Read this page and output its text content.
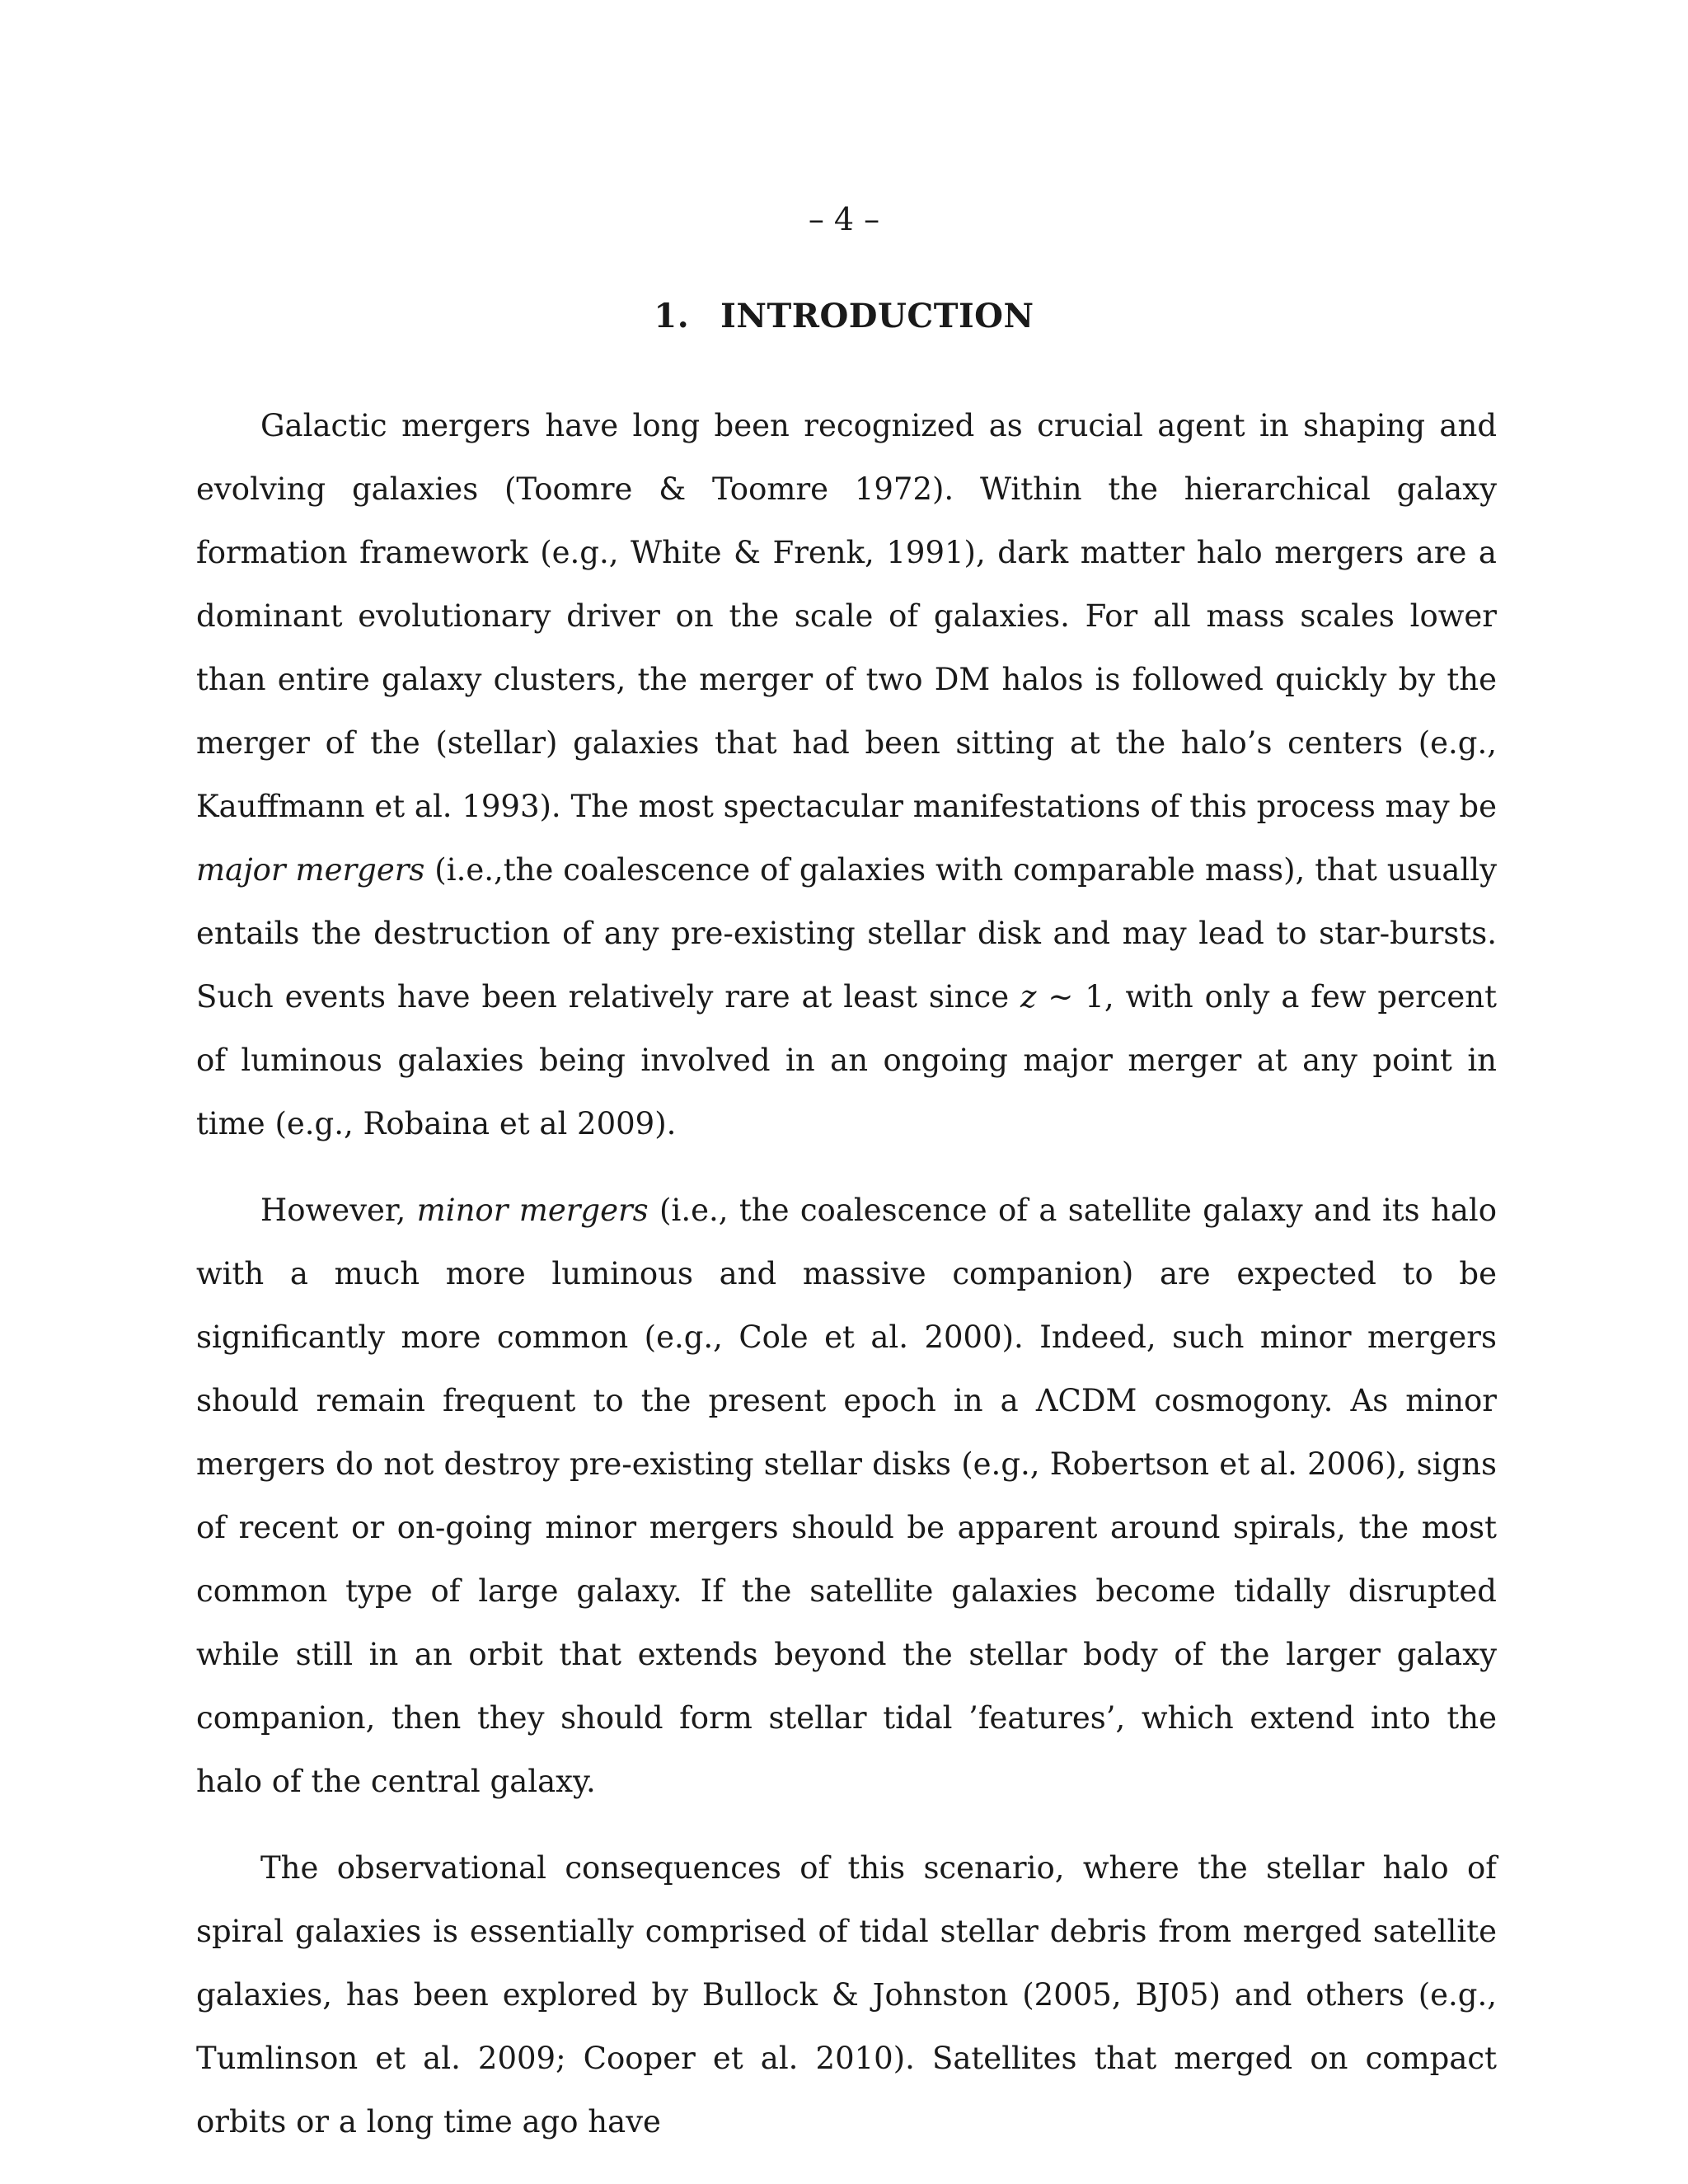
– 4 –
1. INTRODUCTION

Galactic mergers have long been recognized as crucial agent in shaping and evolving galaxies (Toomre & Toomre 1972). Within the hierarchical galaxy formation framework (e.g., White & Frenk, 1991), dark matter halo mergers are a dominant evolutionary driver on the scale of galaxies. For all mass scales lower than entire galaxy clusters, the merger of two DM halos is followed quickly by the merger of the (stellar) galaxies that had been sitting at the halo’s centers (e.g., Kauffmann et al. 1993). The most spectacular manifestations of this process may be major mergers (i.e.,the coalescence of galaxies with comparable mass), that usually entails the destruction of any pre-existing stellar disk and may lead to star-bursts. Such events have been relatively rare at least since z ∼ 1, with only a few percent of luminous galaxies being involved in an ongoing major merger at any point in time (e.g., Robaina et al 2009).

However, minor mergers (i.e., the coalescence of a satellite galaxy and its halo with a much more luminous and massive companion) are expected to be significantly more common (e.g., Cole et al. 2000). Indeed, such minor mergers should remain frequent to the present epoch in a ΛCDM cosmogony. As minor mergers do not destroy pre-existing stellar disks (e.g., Robertson et al. 2006), signs of recent or on-going minor mergers should be apparent around spirals, the most common type of large galaxy. If the satellite galaxies become tidally disrupted while still in an orbit that extends beyond the stellar body of the larger galaxy companion, then they should form stellar tidal ’features’, which extend into the halo of the central galaxy.

The observational consequences of this scenario, where the stellar halo of spiral galaxies is essentially comprised of tidal stellar debris from merged satellite galaxies, has been explored by Bullock & Johnston (2005, BJ05) and others (e.g., Tumlinson et al. 2009; Cooper et al. 2010). Satellites that merged on compact orbits or a long time ago have
